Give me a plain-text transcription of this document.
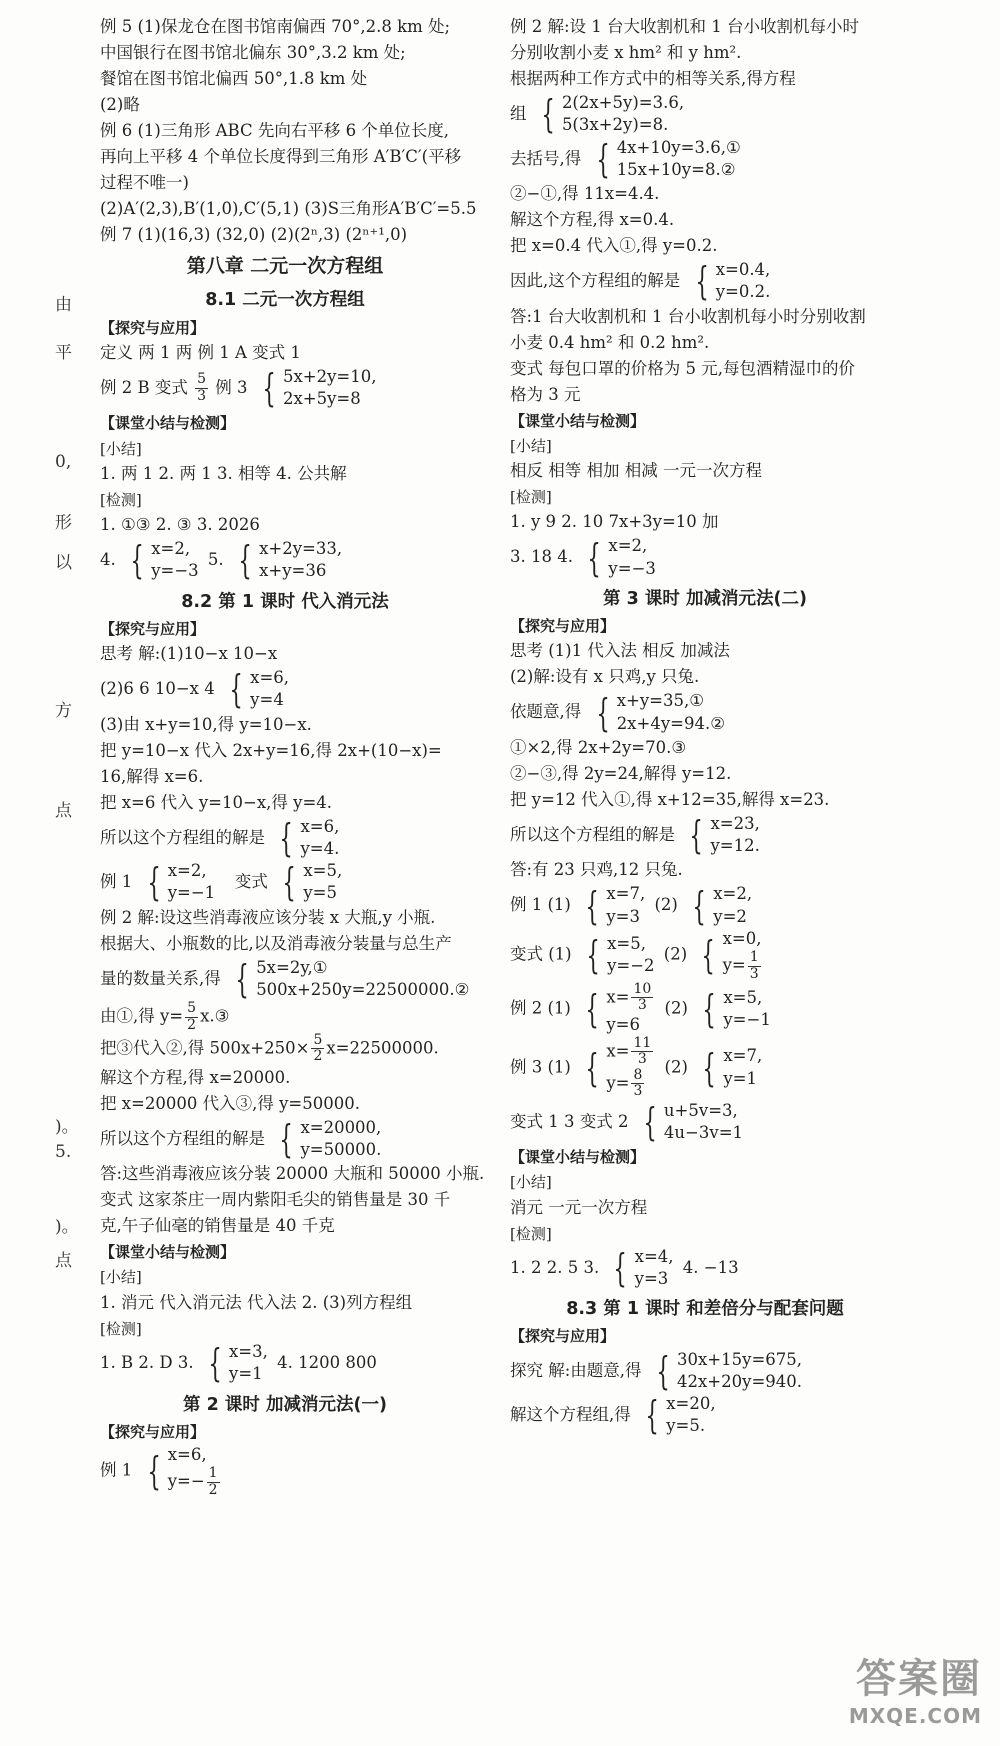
由
平
0,
形
以
方
点
)。
5.
)。
点
例 5 (1)保龙仓在图书馆南偏西 70°,2.8 km 处;
中国银行在图书馆北偏东 30°,3.2 km 处;
餐馆在图书馆北偏西 50°,1.8 km 处
(2)略
例 6 (1)三角形 ABC 先向右平移 6 个单位长度,
再向上平移 4 个单位长度得到三角形 A′B′C′(平移
过程不唯一)
(2)A′(2,3),B′(1,0),C′(5,1) (3)S三角形A′B′C′=5.5
例 7 (1)(16,3) (32,0) (2)(2ⁿ,3) (2ⁿ⁺¹,0)
第八章 二元一次方程组
8.1 二元一次方程组
【探究与应用】
定义 两 1 两 例 1 A 变式 1
例 2 B 变式 $\frac{5}{3}$ 例 3 { 5x+2y=10,
2x+5y=8
【课堂小结与检测】
[小结]
1. 两 1 2. 两 1 3. 相等 4. 公共解
[检测]
1. ①③ 2. ③ 3. 2026
4. { x=2,
y=−3
5. { x+2y=33,
x+y=36
8.2 第 1 课时 代入消元法
【探究与应用】
思考 解:(1)10−x 10−x
(2)6 6 10−x 4 { x=6,
y=4
(3)由 x+y=10,得 y=10−x.
把 y=10−x 代入 2x+y=16,得 2x+(10−x)=
16,解得 x=6.
把 x=6 代入 y=10−x,得 y=4.
所以这个方程组的解是 { x=6,
y=4.
例 1 { x=2,
y=−1
变式 { x=5,
y=5
例 2 解:设这些消毒液应该分装 x 大瓶,y 小瓶.
根据大、小瓶数的比,以及消毒液分装量与总生产
量的数量关系,得 { 5x=2y,①
500x+250y=22500000.②
由①,得 $y= \frac{5}{2}$ x.③
把③代入②,得 $500x+250\times \frac{5}{2} x=22500000$.
解这个方程,得 x=20000.
把 x=20000 代入③,得 y=50000.
所以这个方程组的解是 { x=20000,
y=50000.
答:这些消毒液应该分装 20000 大瓶和 50000 小瓶.
变式 这家茶庄一周内紫阳毛尖的销售量是 30 千
克,午子仙毫的销售量是 40 千克
【课堂小结与检测】
[小结]
1. 消元 代入消元法 代入法 2. (3)列方程组
[检测]
1. B 2. D 3. { x=3,
y=1
4. 1200 800
第 2 课时 加减消元法(一)
【探究与应用】
例 1 { x=6,
$y=- \frac{1}{2}$
例 2 解:设 1 台大收割机和 1 台小收割机每小时
分别收割小麦 x hm² 和 y hm².
根据两种工作方式中的相等关系,得方程
组 { 2(2x+5y)=3.6,
5(3x+2y)=8.
去括号,得 { 4x+10y=3.6,①
15x+10y=8.②
②−①,得 11x=4.4.
解这个方程,得 x=0.4.
把 x=0.4 代入①,得 y=0.2.
因此,这个方程组的解是 { x=0.4,
y=0.2.
答:1 台大收割机和 1 台小收割机每小时分别收割
小麦 0.4 hm² 和 0.2 hm².
变式 每包口罩的价格为 5 元,每包酒精湿巾的价
格为 3 元
【课堂小结与检测】
[小结]
相反 相等 相加 相减 一元一次方程
[检测]
1. y 9 2. 10 7x+3y=10 加
3. 18 4. { x=2,
y=−3
第 3 课时 加减消元法(二)
【探究与应用】
思考 (1)1 代入法 相反 加减法
(2)解:设有 x 只鸡,y 只兔.
依题意,得 { x+y=35,①
2x+4y=94.②
①×2,得 2x+2y=70.③
②−③,得 2y=24,解得 y=12.
把 y=12 代入①,得 x+12=35,解得 x=23.
所以这个方程组的解是 { x=23,
y=12.
答:有 23 只鸡,12 只兔.
例 1 (1) { x=7,
y=3
(2) { x=2,
y=2
变式 (1) { x=5,
y=−2
(2) { x=0,
$y= \frac{1}{3}$
例 2 (1) { $x= \frac{10}{3}$
y=6
(2) { x=5,
y=−1
例 3 (1) { $x= \frac{11}{3}$
$y= \frac{8}{3}$
(2) { x=7,
y=1
变式 1 3 变式 2 { u+5v=3,
4u−3v=1
【课堂小结与检测】
[小结]
消元 一元一次方程
[检测]
1. 2 2. 5 3. { x=4,
y=3
4. −13
8.3 第 1 课时 和差倍分与配套问题
【探究与应用】
探究 解:由题意,得 { 30x+15y=675,
42x+20y=940.
解这个方程组,得 { x=20,
y=5.
答案圈
MXQE.COM
